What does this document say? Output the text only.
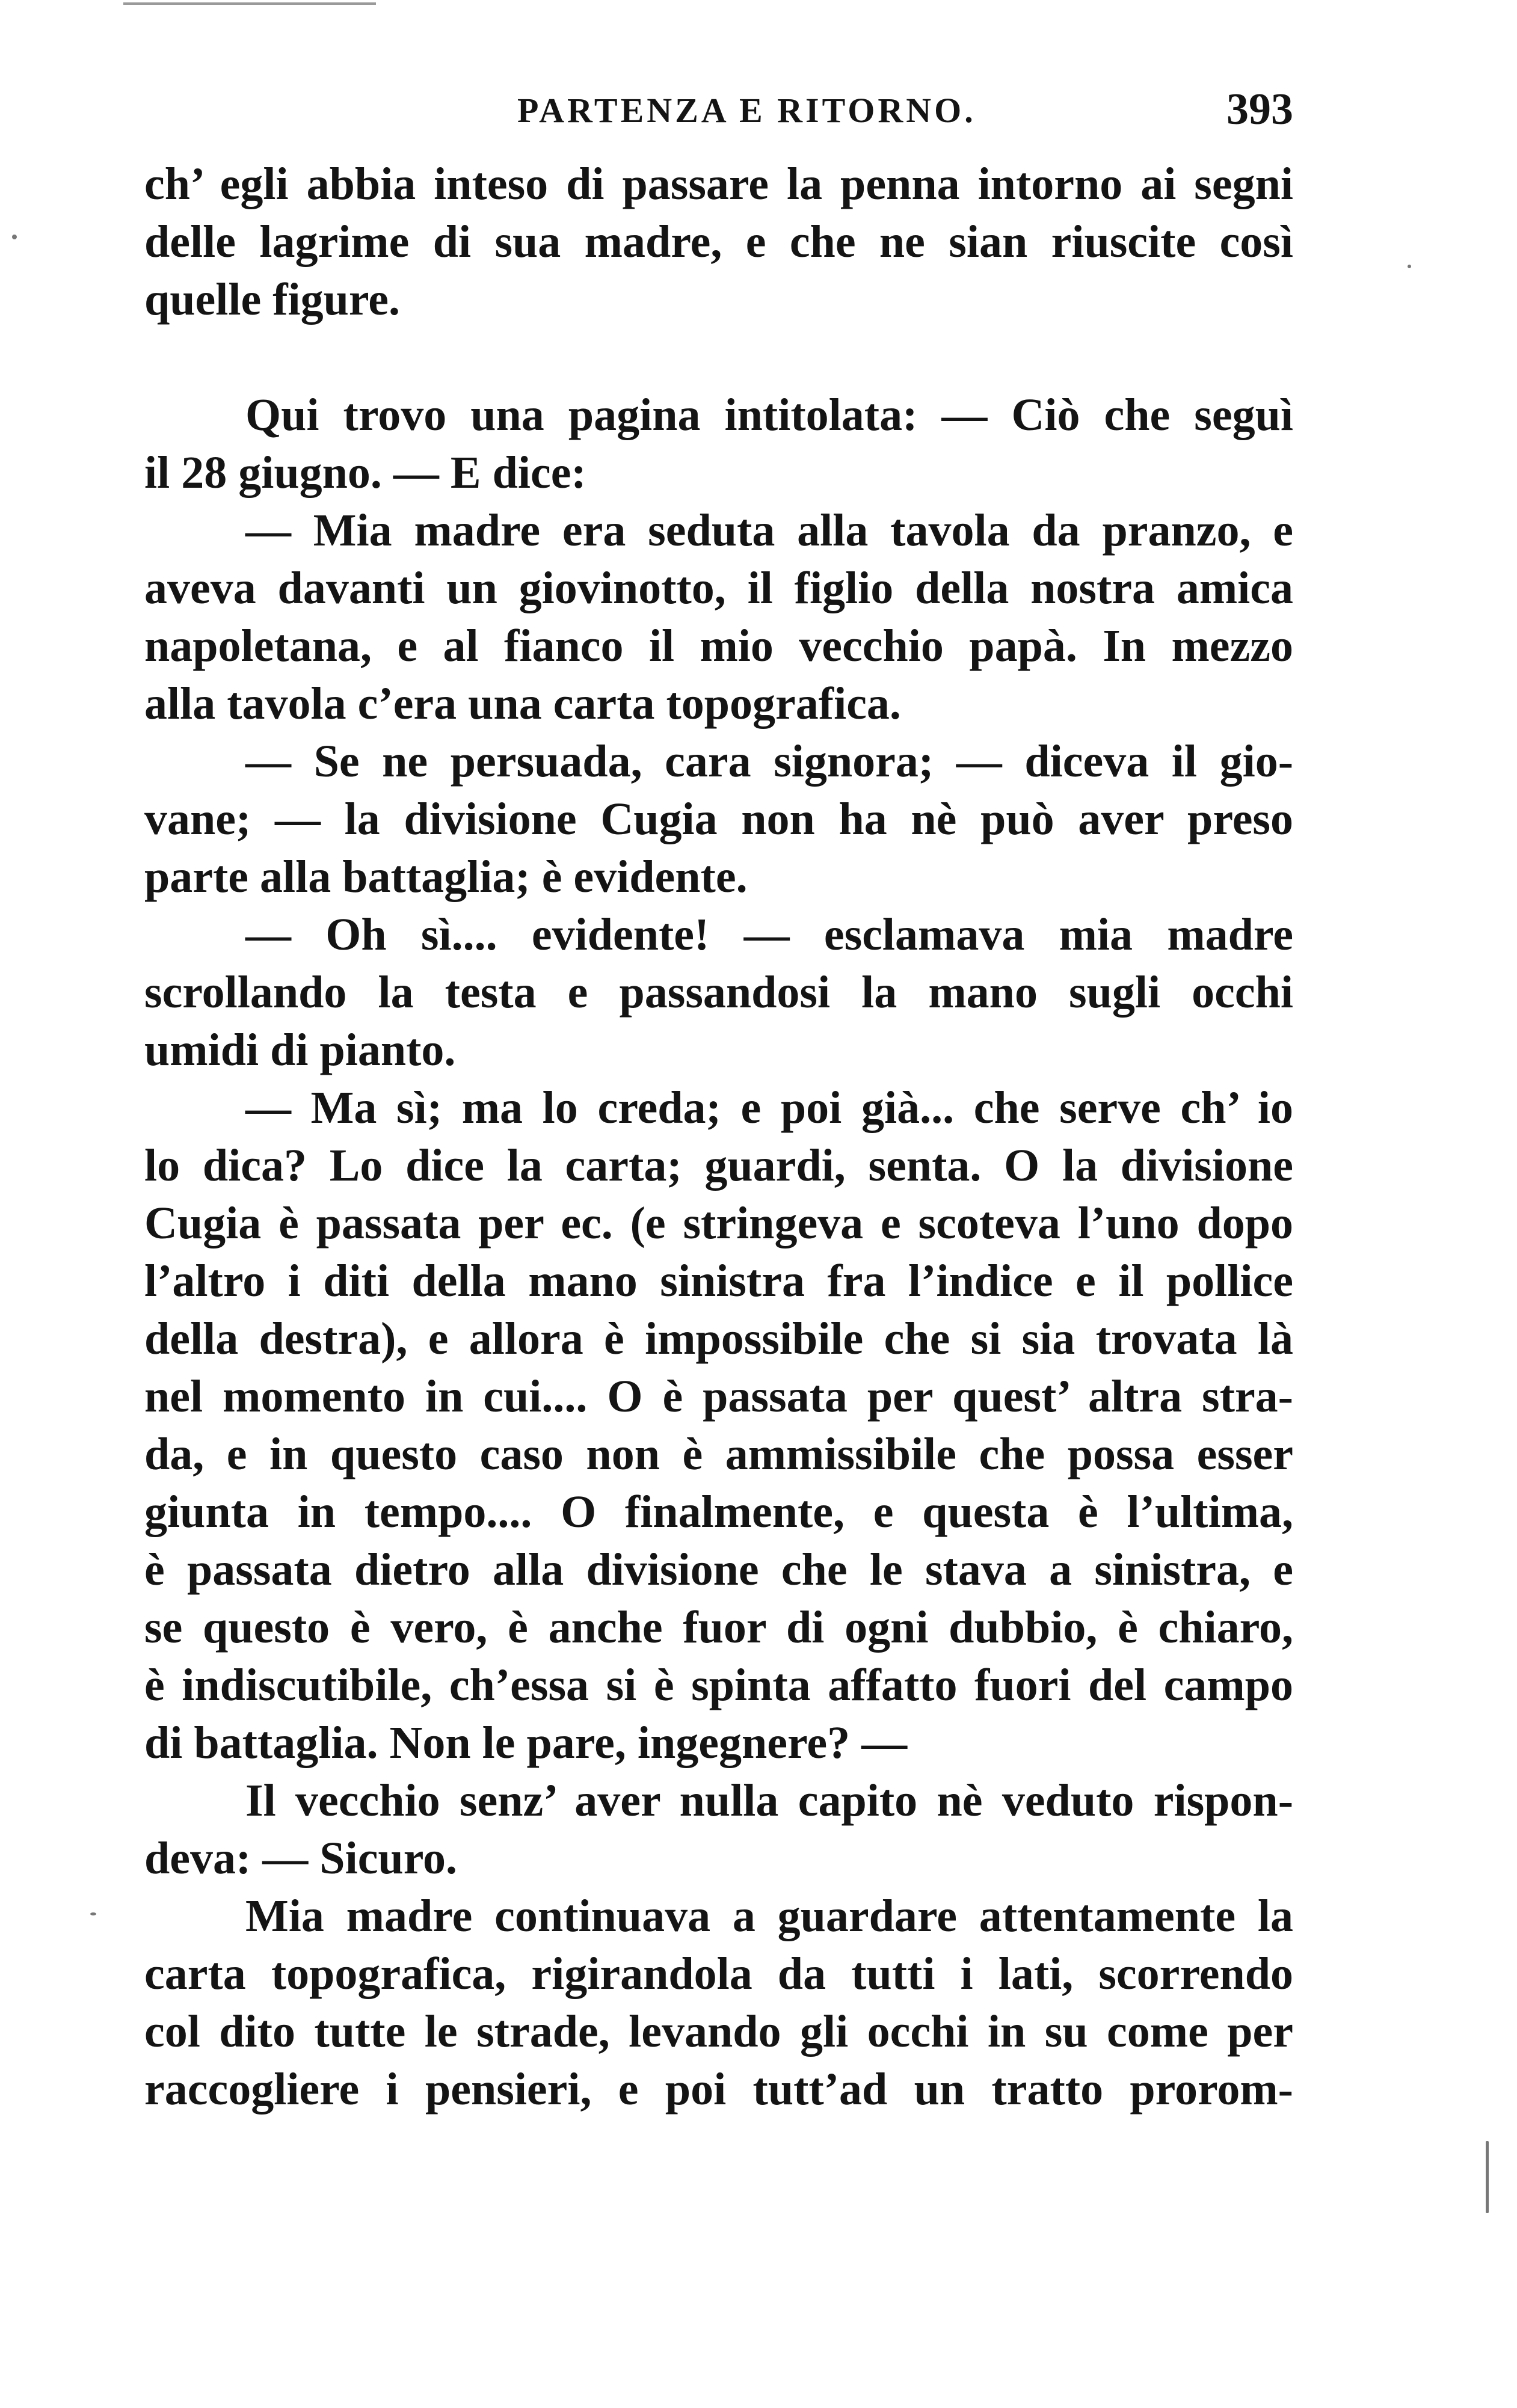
PARTENZA E RITORNO.	393

ch’ egli abbia inteso di passare la penna intorno ai segni
delle lagrime di sua madre, e che ne sian riuscite così
quelle figure.

Qui trovo una pagina intitolata: — Ciò che seguì
il 28 giugno. — E dice:

— Mia madre era seduta alla tavola da pranzo, e
aveva davanti un giovinotto, il figlio della nostra amica
napoletana, e al fianco il mio vecchio papà. In mezzo
alla tavola c’era una carta topografica.

— Se ne persuada, cara signora; — diceva il gio-
vane; — la divisione Cugia non ha nè può aver preso
parte alla battaglia; è evidente.

— Oh sì.... evidente! — esclamava mia madre
scrollando la testa e passandosi la mano sugli occhi
umidi di pianto.

— Ma sì; ma lo creda; e poi già... che serve ch’ io
lo dica? Lo dice la carta; guardi, senta. O la divisione
Cugia è passata per ec. (e stringeva e scoteva l’uno dopo
l’altro i diti della mano sinistra fra l’indice e il pollice
della destra), e allora è impossibile che si sia trovata là
nel momento in cui.... O è passata per quest’ altra stra-
da, e in questo caso non è ammissibile che possa esser
giunta in tempo.... O finalmente, e questa è l’ultima,
è passata dietro alla divisione che le stava a sinistra, e
se questo è vero, è anche fuor di ogni dubbio, è chiaro,
è indiscutibile, ch’essa si è spinta affatto fuori del campo
di battaglia. Non le pare, ingegnere? —

Il vecchio senz’ aver nulla capito nè veduto rispon-
deva: — Sicuro.

Mia madre continuava a guardare attentamente la
carta topografica, rigirandola da tutti i lati, scorrendo
col dito tutte le strade, levando gli occhi in su come per
raccogliere i pensieri, e poi tutt’ad un tratto prorom-
